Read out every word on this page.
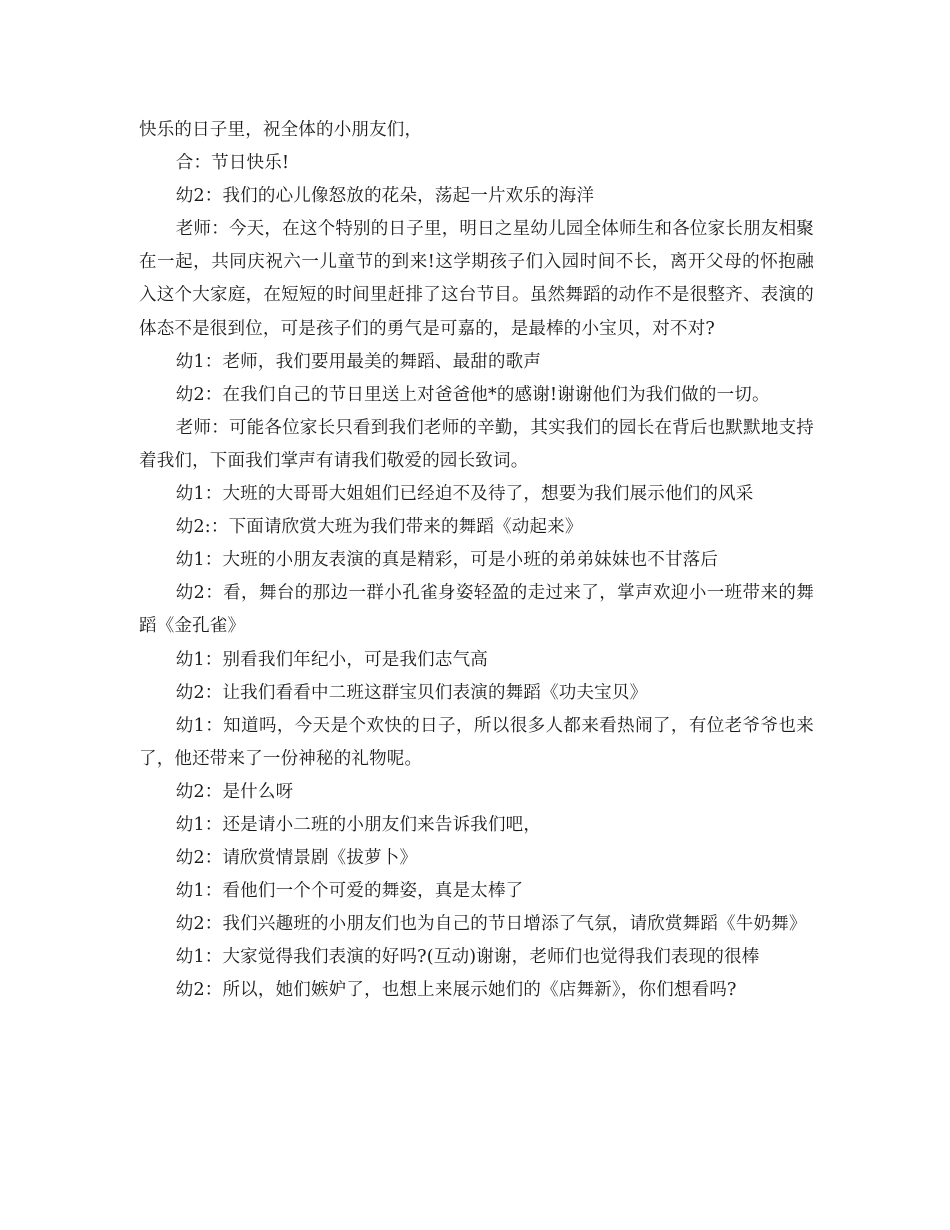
快乐的日子里，祝全体的小朋友们，

合：节日快乐!

幼2：我们的心儿像怒放的花朵，荡起一片欢乐的海洋

老师：今天，在这个特别的日子里，明日之星幼儿园全体师生和各位家长朋友相聚在一起，共同庆祝六一儿童节的到来!这学期孩子们入园时间不长，离开父母的怀抱融入这个大家庭，在短短的时间里赶排了这台节目。虽然舞蹈的动作不是很整齐、表演的体态不是很到位，可是孩子们的勇气是可嘉的，是最棒的小宝贝，对不对?

幼1：老师，我们要用最美的舞蹈、最甜的歌声

幼2：在我们自己的节日里送上对爸爸他*的感谢!谢谢他们为我们做的一切。

老师：可能各位家长只看到我们老师的辛勤，其实我们的园长在背后也默默地支持着我们，下面我们掌声有请我们敬爱的园长致词。

幼1：大班的大哥哥大姐姐们已经迫不及待了，想要为我们展示他们的风采

幼2:：下面请欣赏大班为我们带来的舞蹈《动起来》

幼1：大班的小朋友表演的真是精彩，可是小班的弟弟妹妹也不甘落后

幼2：看，舞台的那边一群小孔雀身姿轻盈的走过来了，掌声欢迎小一班带来的舞蹈《金孔雀》

幼1：别看我们年纪小，可是我们志气高

幼2：让我们看看中二班这群宝贝们表演的舞蹈《功夫宝贝》

幼1：知道吗，今天是个欢快的日子，所以很多人都来看热闹了，有位老爷爷也来了，他还带来了一份神秘的礼物呢。

幼2：是什么呀

幼1：还是请小二班的小朋友们来告诉我们吧，

幼2：请欣赏情景剧《拔萝卜》

幼1：看他们一个个可爱的舞姿，真是太棒了

幼2：我们兴趣班的小朋友们也为自己的节日增添了气氛，请欣赏舞蹈《牛奶舞》

幼1：大家觉得我们表演的好吗?(互动)谢谢，老师们也觉得我们表现的很棒

幼2：所以，她们嫉妒了，也想上来展示她们的《店舞新》，你们想看吗?
